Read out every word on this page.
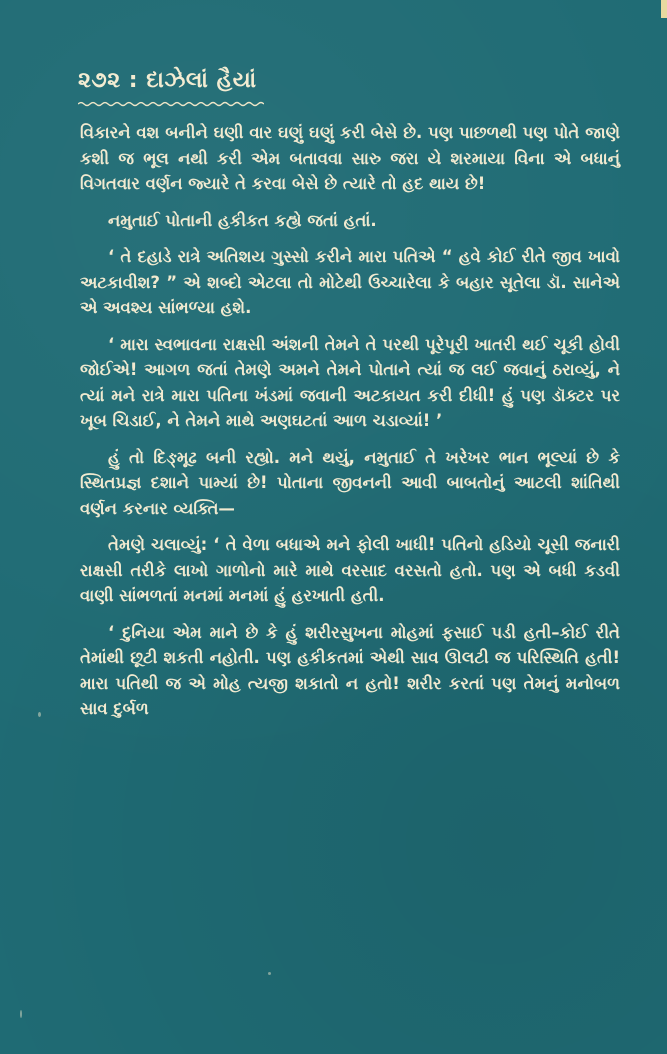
૨૭૨ : દાઝેલાં હૈયાં

વિકારને વશ બનીને ઘણી વાર ઘણું ઘણું કરી બેસે છે. પણ પાછળથી પણ પોતે જાણે કશી જ ભૂલ નથી કરી એમ બતાવવા સારુ જરા યે શરમાયા વિના એ બધાનું વિગતવાર વર્ણન જ્યારે તે કરવા બેસે છે ત્યારે તો હદ થાય છે!

નમુતાઈ પોતાની હકીકત કહ્યે જતાં હતાં.

‘ તે દહાડે રાત્રે અતિશય ગુસ્સો કરીને મારા પતિએ “ હવે કોઈ રીતે જીવ ખાવો અટકાવીશ? ” એ શબ્દો એટલા તો મોટેથી ઉચ્ચારેલા કે બહાર સૂતેલા ડૉ. સાનેએ એ અવશ્ય સાંભળ્યા હશે.

‘ મારા સ્વભાવના રાક્ષસી અંશની તેમને તે પરથી પૂરેપૂરી ખાતરી થઈ ચૂકી હોવી જોઈએ! આગળ જતાં તેમણે અમને તેમને પોતાને ત્યાં જ લઈ જવાનું ઠરાવ્યું, ને ત્યાં મને રાત્રે મારા પતિના ખંડમાં જવાની અટકાયત કરી દીધી! હું પણ ડૉક્ટર પર ખૂબ ચિડાઈ, ને તેમને માથે અણઘટતાં આળ ચડાવ્યાં! ’

હું તો દિઙ્મૂઢ બની રહ્યો. મને થયું, નમુતાઈ તે ખરેખર ભાન ભૂલ્યાં છે કે સ્થિતપ્રજ્ઞ દશાને પામ્યાં છે! પોતાના જીવનની આવી બાબતોનું આટલી શાંતિથી વર્ણન કરનાર વ્યક્તિ—

તેમણે ચલાવ્યું: ‘ તે વેળા બધાએ મને ફોલી ખાધી! પતિનો હડિયો ચૂસી જનારી રાક્ષસી તરીકે લાખો ગાળોનો મારે માથે વરસાદ વરસતો હતો. પણ એ બધી કડવી વાણી સાંભળતાં મનમાં મનમાં હું હરખાતી હતી.

‘ દુનિયા એમ માને છે કે હું શરીરસુખના મોહમાં ફસાઈ પડી હતી–કોઈ રીતે તેમાંથી છૂટી શકતી નહોતી. પણ હકીકતમાં એથી સાવ ઊલટી જ પરિસ્થિતિ હતી! મારા પતિથી જ એ મોહ ત્યજી શકાતો ન હતો! શરીર કરતાં પણ તેમનું મનોબળ સાવ દુર્બળ
